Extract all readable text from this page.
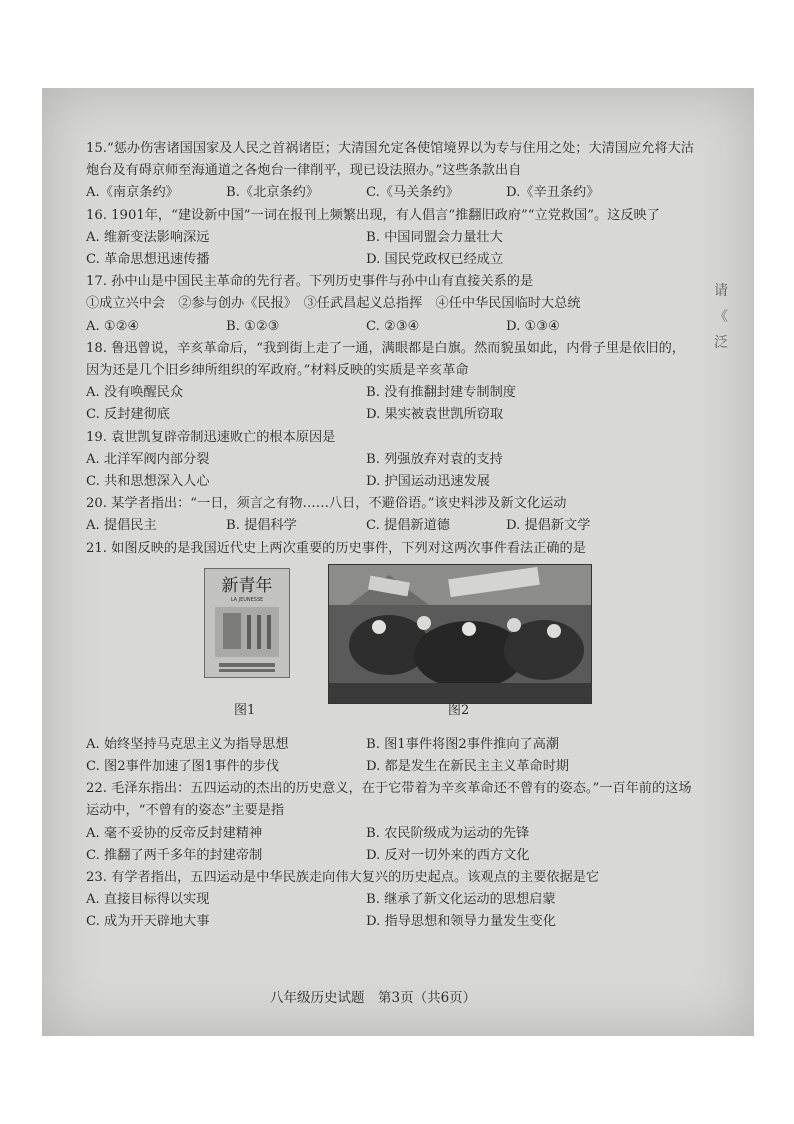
请
《
泛
15.“惩办伤害诸国国家及人民之首祸诸臣；大清国允定各使馆境界以为专与住用之处；大清国应允将大沽炮台及有碍京师至海通道之各炮台一律削平，现已设法照办。”这些条款出自
A.《南京条约》	B.《北京条约》	C.《马关条约》	D.《辛丑条约》
16. 1901年，“建设新中国”一词在报刊上频繁出现，有人倡言“推翻旧政府”“立党救国”。这反映了
A. 维新变法影响深远	B. 中国同盟会力量壮大
C. 革命思想迅速传播	D. 国民党政权已经成立
17. 孙中山是中国民主革命的先行者。下列历史事件与孙中山有直接关系的是
①成立兴中会　②参与创办《民报》　③任武昌起义总指挥　④任中华民国临时大总统
A. ①②④	B. ①②③	C. ②③④	D. ①③④
18. 鲁迅曾说，辛亥革命后，“我到街上走了一通，满眼都是白旗。然而貌虽如此，内骨子里是依旧的，因为还是几个旧乡绅所组织的军政府。”材料反映的实质是辛亥革命
A. 没有唤醒民众	B. 没有推翻封建专制制度
C. 反封建彻底	D. 果实被袁世凯所窃取
19. 袁世凯复辟帝制迅速败亡的根本原因是
A. 北洋军阀内部分裂	B. 列强放弃对袁的支持
C. 共和思想深入人心	D. 护国运动迅速发展
20. 某学者指出：“一日，须言之有物……八日，不避俗语。”该史料涉及新文化运动
A. 提倡民主	B. 提倡科学	C. 提倡新道德	D. 提倡新文学
21. 如图反映的是我国近代史上两次重要的历史事件，下列对这两次事件看法正确的是
新青年
LA JEUNESSE
图1	图2
A. 始终坚持马克思主义为指导思想	B. 图1事件将图2事件推向了高潮
C. 图2事件加速了图1事件的步伐	D. 都是发生在新民主主义革命时期
22. 毛泽东指出：五四运动的杰出的历史意义，在于它带着为辛亥革命还不曾有的姿态。”一百年前的这场运动中，“不曾有的姿态”主要是指
A. 毫不妥协的反帝反封建精神	B. 农民阶级成为运动的先锋
C. 推翻了两千多年的封建帝制	D. 反对一切外来的西方文化
23. 有学者指出，五四运动是中华民族走向伟大复兴的历史起点。该观点的主要依据是它
A. 直接目标得以实现	B. 继承了新文化运动的思想启蒙
C. 成为开天辟地大事	D. 指导思想和领导力量发生变化
八年级历史试题　第3页（共6页）
